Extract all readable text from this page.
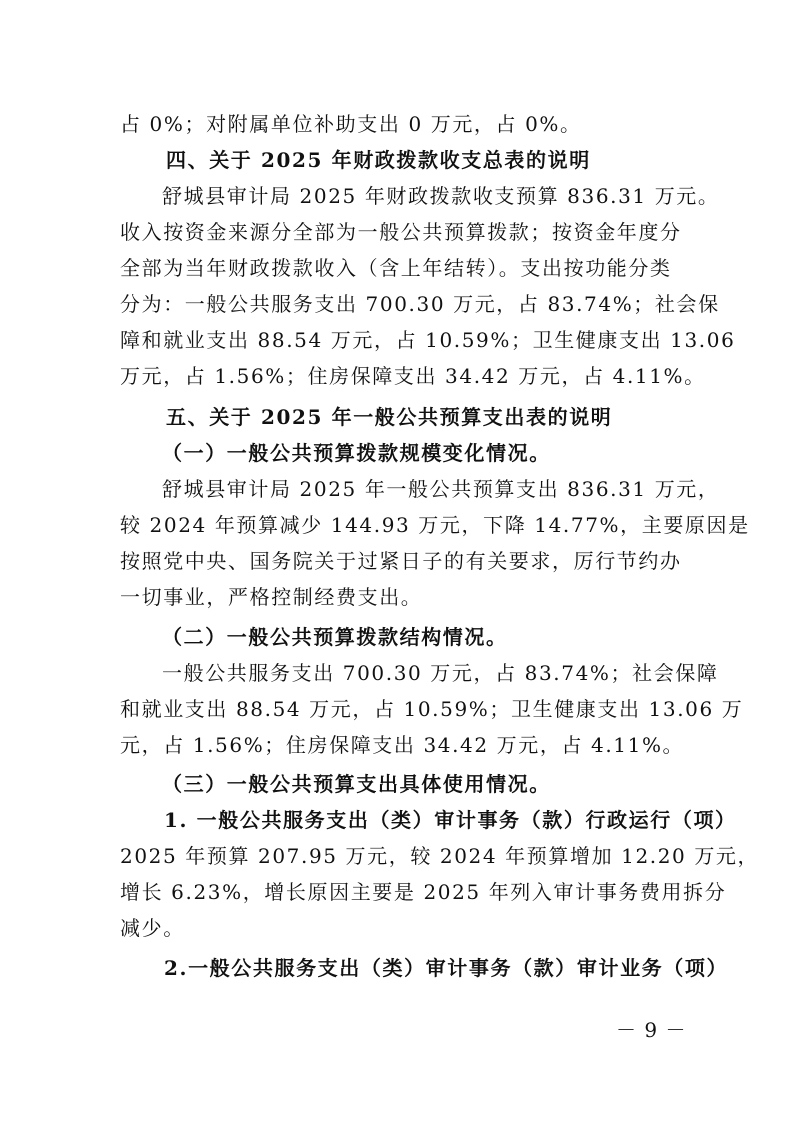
占 0%；对附属单位补助支出 0 万元，占 0%。
四、关于 2025 年财政拨款收支总表的说明
舒城县审计局 2025 年财政拨款收支预算 836.31 万元。
收入按资金来源分全部为一般公共预算拨款；按资金年度分
全部为当年财政拨款收入（含上年结转）。支出按功能分类
分为：一般公共服务支出 700.30 万元，占 83.74%；社会保
障和就业支出 88.54 万元，占 10.59%；卫生健康支出 13.06
万元，占 1.56%；住房保障支出 34.42 万元，占 4.11%。
五、关于 2025 年一般公共预算支出表的说明
（一）一般公共预算拨款规模变化情况。
舒城县审计局 2025 年一般公共预算支出 836.31 万元，
较 2024 年预算减少 144.93 万元，下降 14.77%，主要原因是
按照党中央、国务院关于过紧日子的有关要求，厉行节约办
一切事业，严格控制经费支出。
（二）一般公共预算拨款结构情况。
一般公共服务支出 700.30 万元，占 83.74%；社会保障
和就业支出 88.54 万元，占 10.59%；卫生健康支出 13.06 万
元，占 1.56%；住房保障支出 34.42 万元，占 4.11%。
（三）一般公共预算支出具体使用情况。
1. 一般公共服务支出（类）审计事务（款）行政运行（项）
2025 年预算 207.95 万元，较 2024 年预算增加 12.20 万元，
增长 6.23%，增长原因主要是 2025 年列入审计事务费用拆分
减少。
2.一般公共服务支出（类）审计事务（款）审计业务（项）
－ 9 －
